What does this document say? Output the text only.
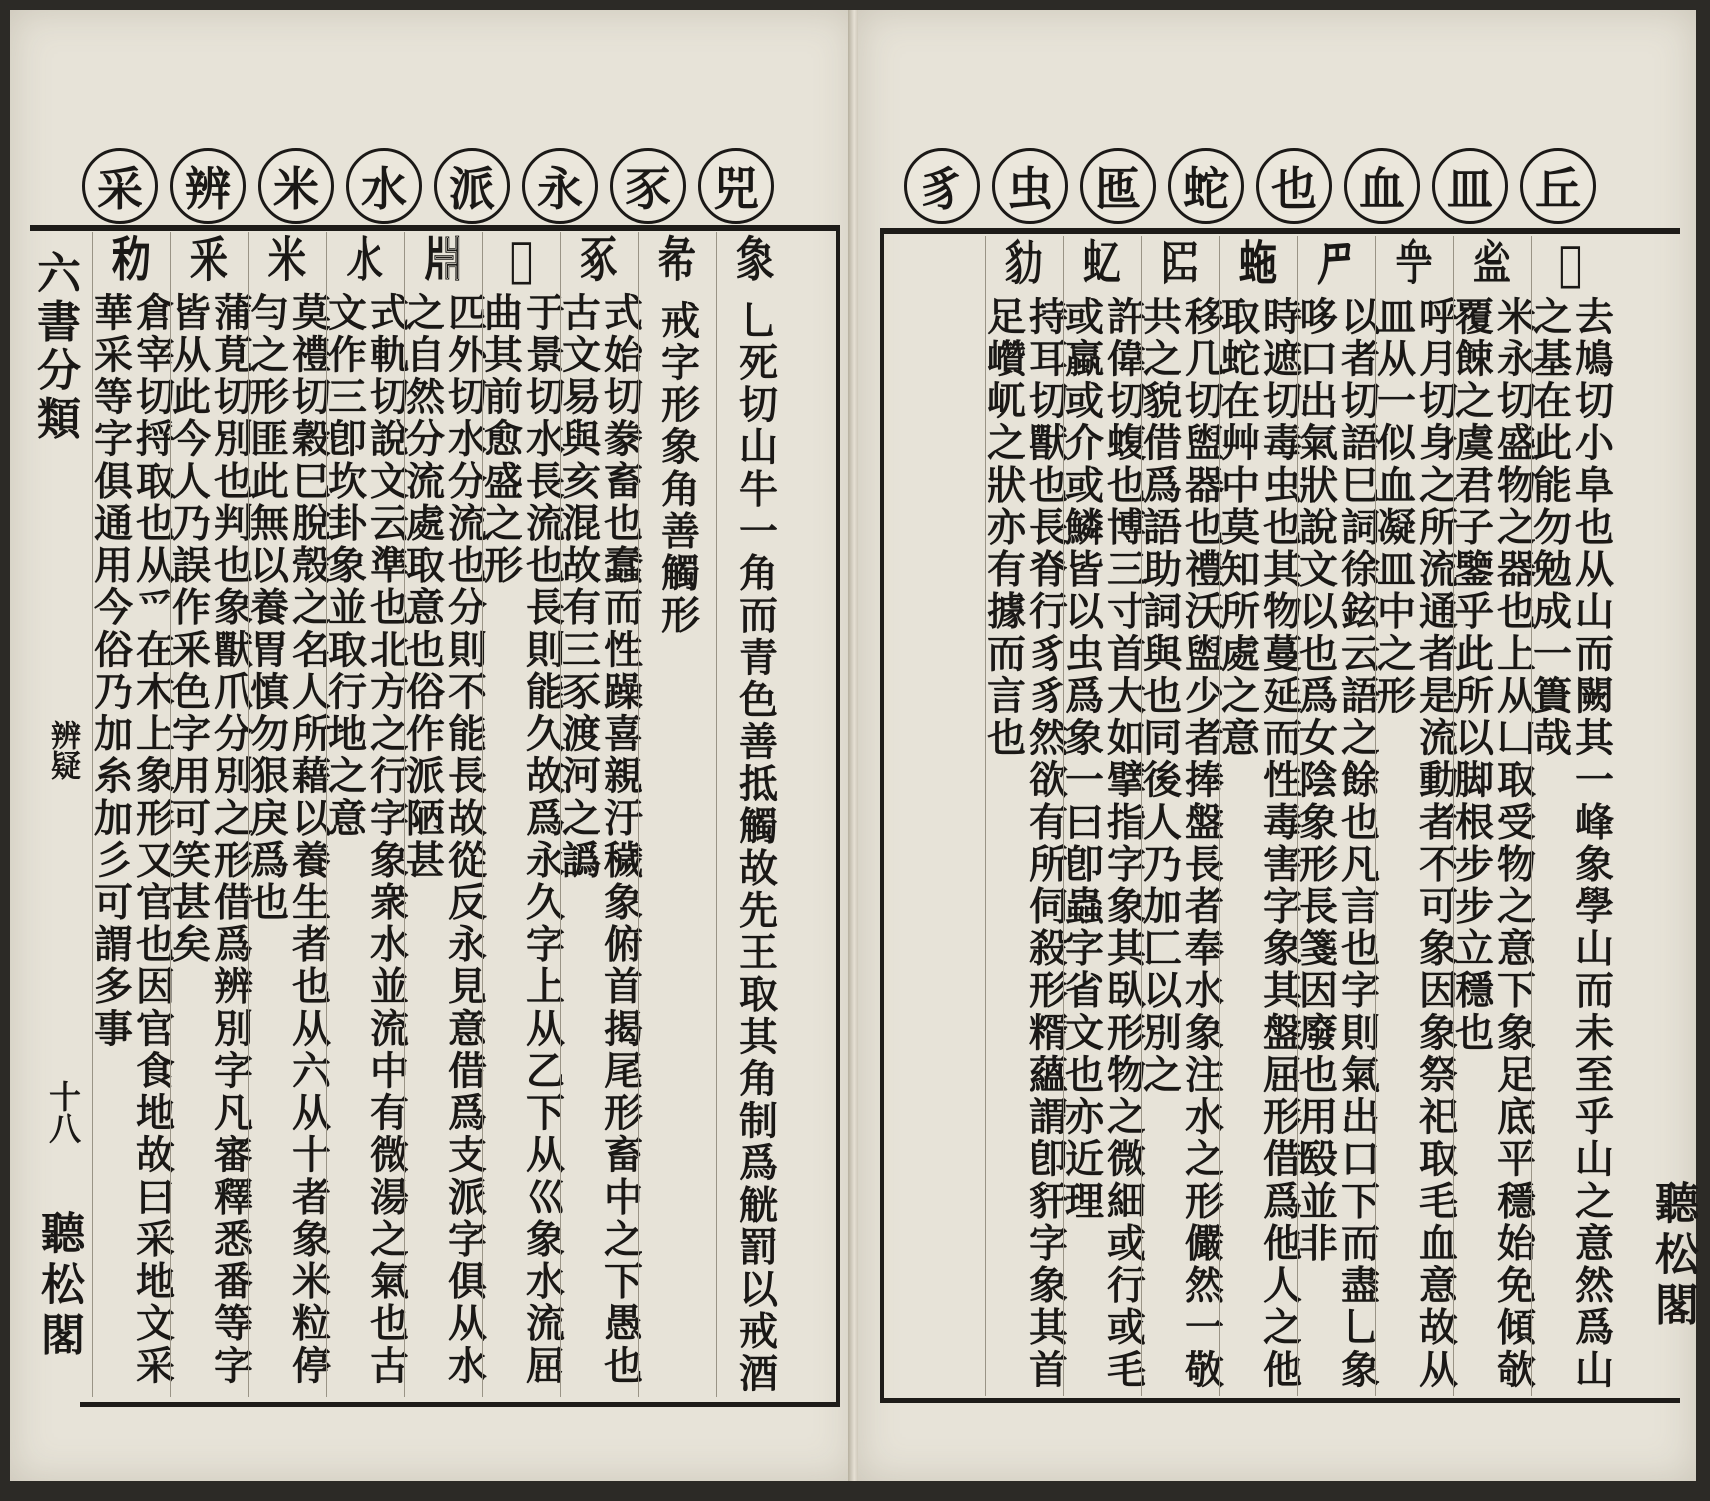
兕
豕
永
派
水
米
辨
采
六書分類
辨疑
十八
聽松閣
𧰼
乚死切山牛一角而青色善抵觸故先王取其角制爲觥罰以戒酒
㣇
戒字形象角善觸形
豖
式始切豢畜也蠢而性躁喜親汙穢象俯首揭尾形畜中之下愚也古文易與亥混故有三豕渡河之譌
𣲖
于景切水長流也長則能久故爲永久字上从乙下从巛象水流屈曲其前愈盛之形
𣶒
匹外切水分流也分則不能長故從反永見意借爲支派字俱从水之自然分流處取意也俗作派陋甚
𣱱
式軌切說文云準也北方之行字象衆水並流中有微湯之氣也古文作三卽坎卦象並取行地之意
米
莫禮切穀巳脫殼之名人所藉以養生者也从六从十者象米粒停勻之形匪此無以養胃慎勿狠戾爲也
釆
蒲莧切別也判也象獸爪分別之形借爲辨別字凡審釋悉番等字皆从此今人乃誤作釆色字用可笑甚矣
𥝢
倉宰切捋取也从爫在木上象形又官也因官食地故曰采地文采華采等字俱通用今俗乃加糸加彡可謂多事
丘
皿
血
也
蛇
匜
虫
豸
聽松閣
𠀉
去鳩切小阜也从山而闕其一峰象學山而未至乎山之意然爲山之基在此能勿勉成一簣哉
𥁑
米永切盛物之器也上从凵取受物之意下象足底平穩始免傾欹覆餗之虞君子鑒乎此所以脚根步步立穩也
𧖧
呼月切身之所流通者是流動者不可象因象祭祀取毛血意故从皿从一似血凝皿中之形
𠃜
以者切語巳詞徐鉉云語之餘也凡言也字則氣出口下而盡乚象哆口出氣狀說文以也爲女陰象形長箋因廢也用殹並非
𧉮
時遮切毒虫也其物蔓延而性毒害字象其盤屈形借爲他人之他取蛇在艸中莫知所處之意
𠥓
移几切盥器也禮沃盥少者捧盤長者奉水象注水之形儼然一敬共之貌借爲語助詞與也同後人乃加匚以別之
𧈝
許偉切蝮也博三寸首大如擘指字象其臥形物之微細或行或毛或蠃或介或鱗皆以虫爲象一曰卽蟲字省文也亦近理
𧲡
持耳切獸也長脊行豸豸然欲有所伺殺形糈蘊謂卽豻字象其首足巑屼之狀亦有據而言也
